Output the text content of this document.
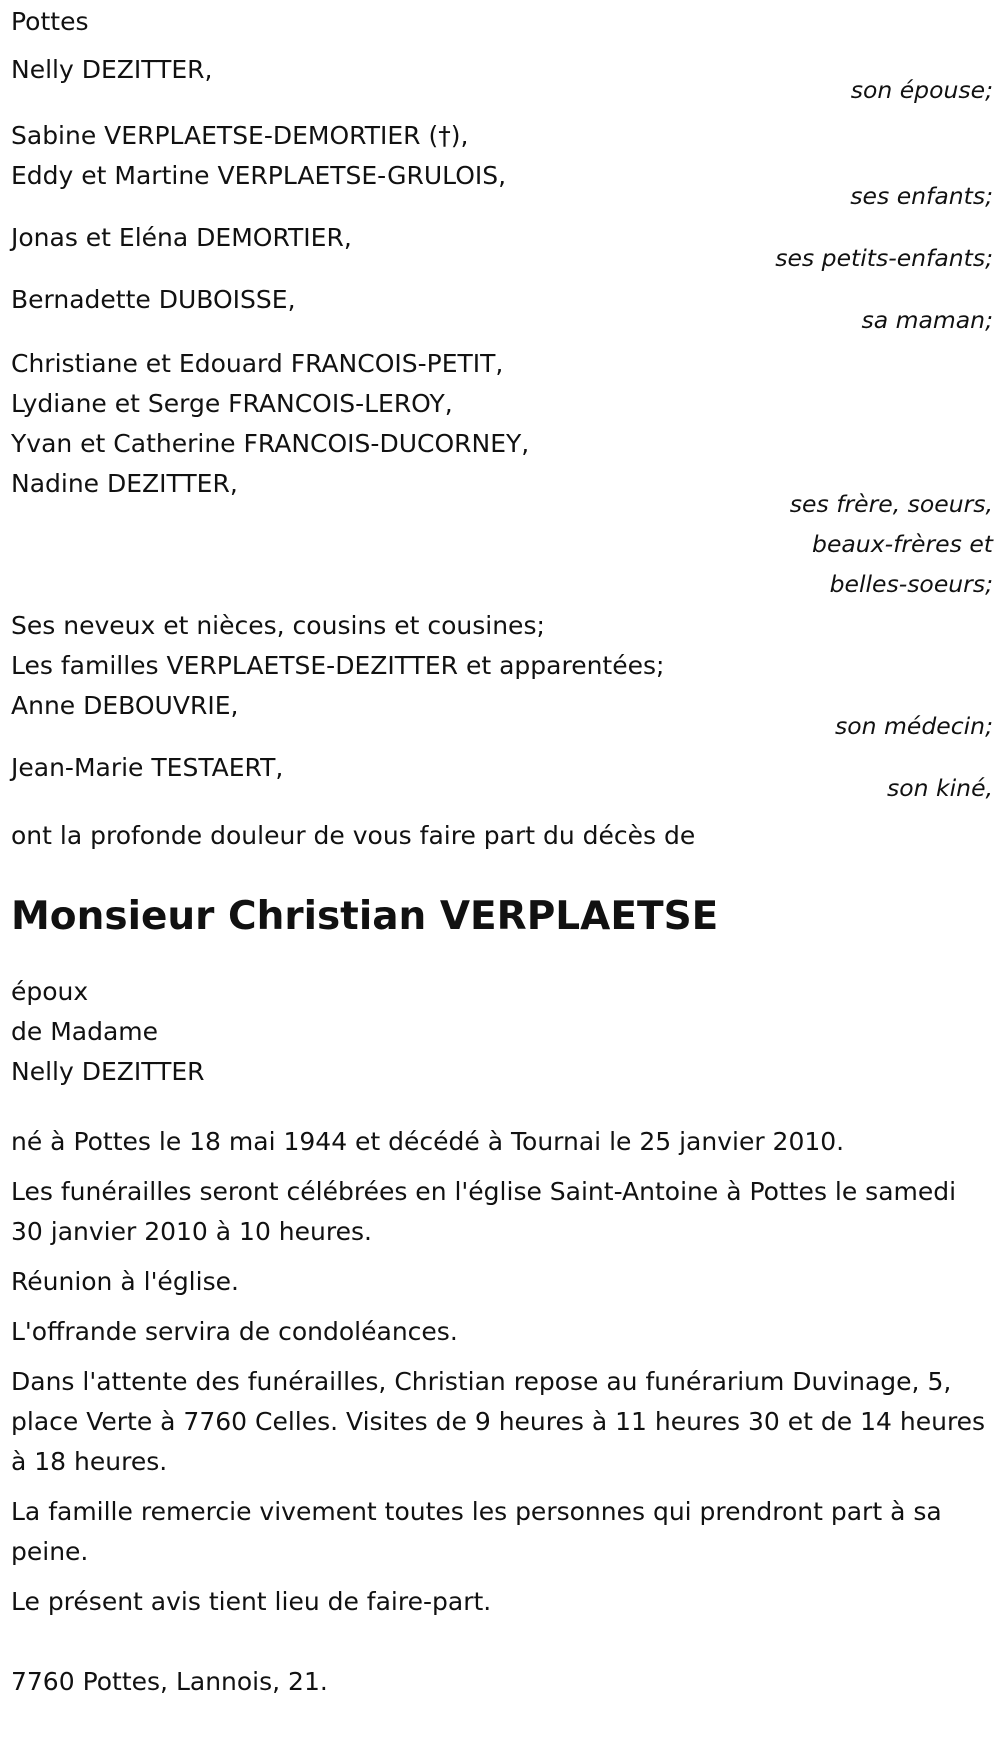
Pottes
Nelly DEZITTER,
son épouse;
Sabine VERPLAETSE-DEMORTIER (†),
Eddy et Martine VERPLAETSE-GRULOIS,
ses enfants;
Jonas et Eléna DEMORTIER,
ses petits-enfants;
Bernadette DUBOISSE,
sa maman;
Christiane et Edouard FRANCOIS-PETIT,
Lydiane et Serge FRANCOIS-LEROY,
Yvan et Catherine FRANCOIS-DUCORNEY,
Nadine DEZITTER,
ses frère, soeurs,
beaux-frères et
belles-soeurs;
Ses neveux et nièces, cousins et cousines;
Les familles VERPLAETSE-DEZITTER et apparentées;
Anne DEBOUVRIE,
son médecin;
Jean-Marie TESTAERT,
son kiné,
ont la profonde douleur de vous faire part du décès de
Monsieur Christian VERPLAETSE
époux
de Madame
Nelly DEZITTER
né à Pottes le 18 mai 1944 et décédé à Tournai le 25 janvier 2010.
Les funérailles seront célébrées en l'église Saint-Antoine à Pottes le samedi 30 janvier 2010 à 10 heures.
Réunion à l'église.
L'offrande servira de condoléances.
Dans l'attente des funérailles, Christian repose au funérarium Duvinage, 5, place Verte à 7760 Celles. Visites de 9 heures à 11 heures 30 et de 14 heures à 18 heures.
La famille remercie vivement toutes les personnes qui prendront part à sa peine.
Le présent avis tient lieu de faire-part.
7760 Pottes, Lannois, 21.
